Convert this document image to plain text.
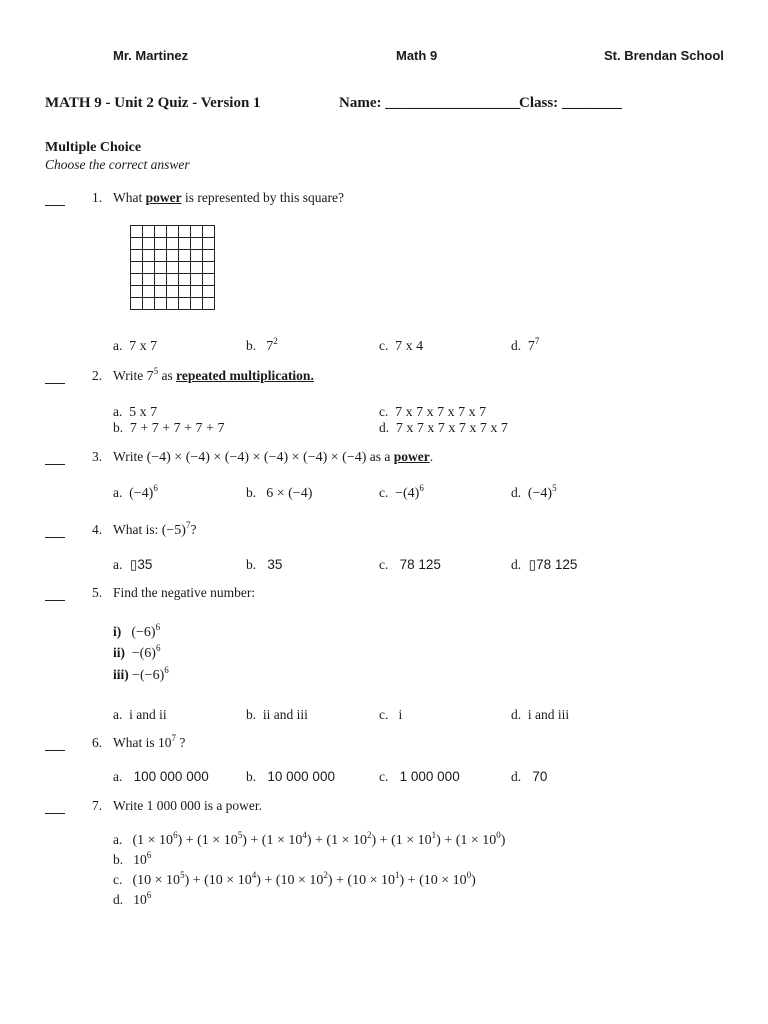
Mr. Martinez	Math 9	St. Brendan School
MATH 9 - Unit 2 Quiz - Version 1	Name: __________________
Class: ________
Multiple Choice
Choose the correct answer
1. What power is represented by this square?

a. 7 x 7	b. $7^2$	c. 7 x 4	d. $7^7$
2. Write $7^5$ as repeated multiplication.
a. 5 x 7
b. 7 + 7 + 7 + 7 + 7
c. 7 x 7 x 7 x 7 x 7
d. 7 x 7 x 7 x 7 x 7 x 7
3. Write (−4) × (−4) × (−4) × (−4) × (−4) × (−4) as a power.
a. $(-4)^6$	b. 6 × (−4)	c. $-(4)^6$	d. $(-4)^5$
4. What is: $(-5)^7$?
a. ▯35	b. 35	c. 78 125	d. ▯78 125
5. Find the negative number:
i) $(-6)^6$
$ii) -(6)^6$
$iii) -(-6)^6$
a. i and ii	b. ii and iii	c. i	d. i and iii
6. What is $10^7$ ?
a. 100 000 000	b. 10 000 000	c. 1 000 000	d. 70
7. Write 1 000 000 is a power.
a. $(1 \times 10^6) + (1 \times 10^5) + (1 \times 10^4) + (1 \times 10^2) + (1 \times 10^1) + (1 \times 10^0)$
b. $10^6$
c. $(10 \times 10^5) + (10 \times 10^4) + (10 \times 10^2) + (10 \times 10^1) + (10 \times 10^0)$
d. $10^6$
